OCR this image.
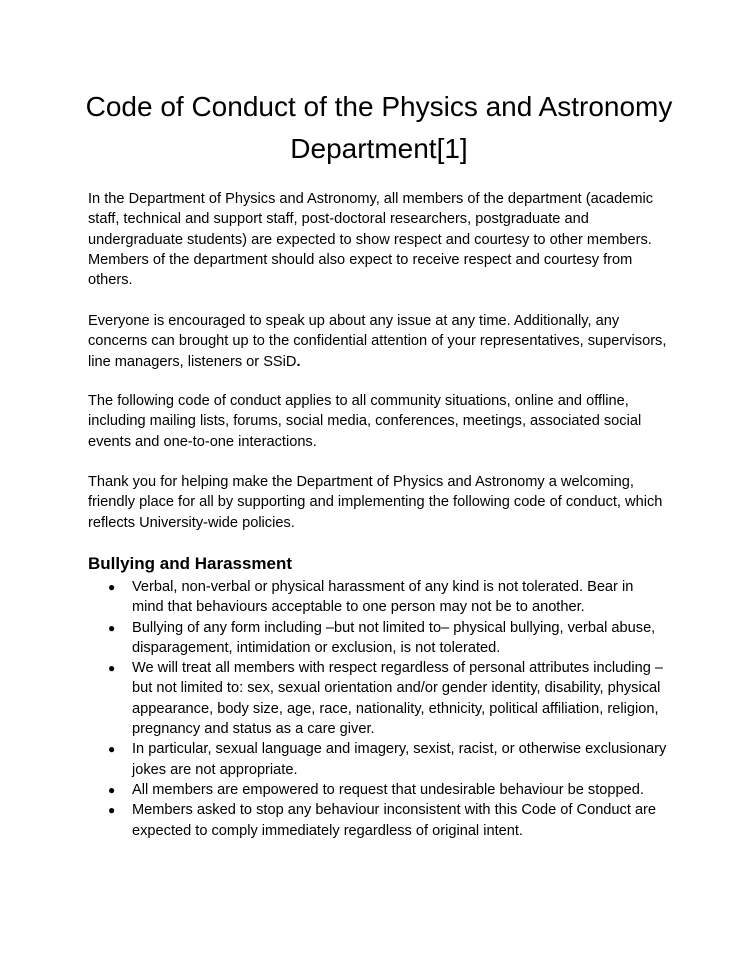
Code of Conduct of the Physics and Astronomy Department[1]

In the Department of Physics and Astronomy, all members of the department (academic staff, technical and support staff, post-doctoral researchers, postgraduate and undergraduate students) are expected to show respect and courtesy to other members. Members of the department should also expect to receive respect and courtesy from others.

Everyone is encouraged to speak up about any issue at any time. Additionally, any concerns can brought up to the confidential attention of your representatives, supervisors, line managers, listeners or SSiD.

The following code of conduct applies to all community situations, online and offline, including mailing lists, forums, social media, conferences, meetings, associated social events and one-to-one interactions.

Thank you for helping make the Department of Physics and Astronomy a welcoming, friendly place for all by supporting and implementing the following code of conduct, which reflects University-wide policies.

Bullying and Harassment
● Verbal, non-verbal or physical harassment of any kind is not tolerated. Bear in mind that behaviours acceptable to one person may not be to another.
● Bullying of any form including –but not limited to– physical bullying, verbal abuse, disparagement, intimidation or exclusion, is not tolerated.
● We will treat all members with respect regardless of personal attributes including –but not limited to: sex, sexual orientation and/or gender identity, disability, physical appearance, body size, age, race, nationality, ethnicity, political affiliation, religion, pregnancy and status as a care giver.
● In particular, sexual language and imagery, sexist, racist, or otherwise exclusionary jokes are not appropriate.
● All members are empowered to request that undesirable behaviour be stopped.
● Members asked to stop any behaviour inconsistent with this Code of Conduct are expected to comply immediately regardless of original intent.
